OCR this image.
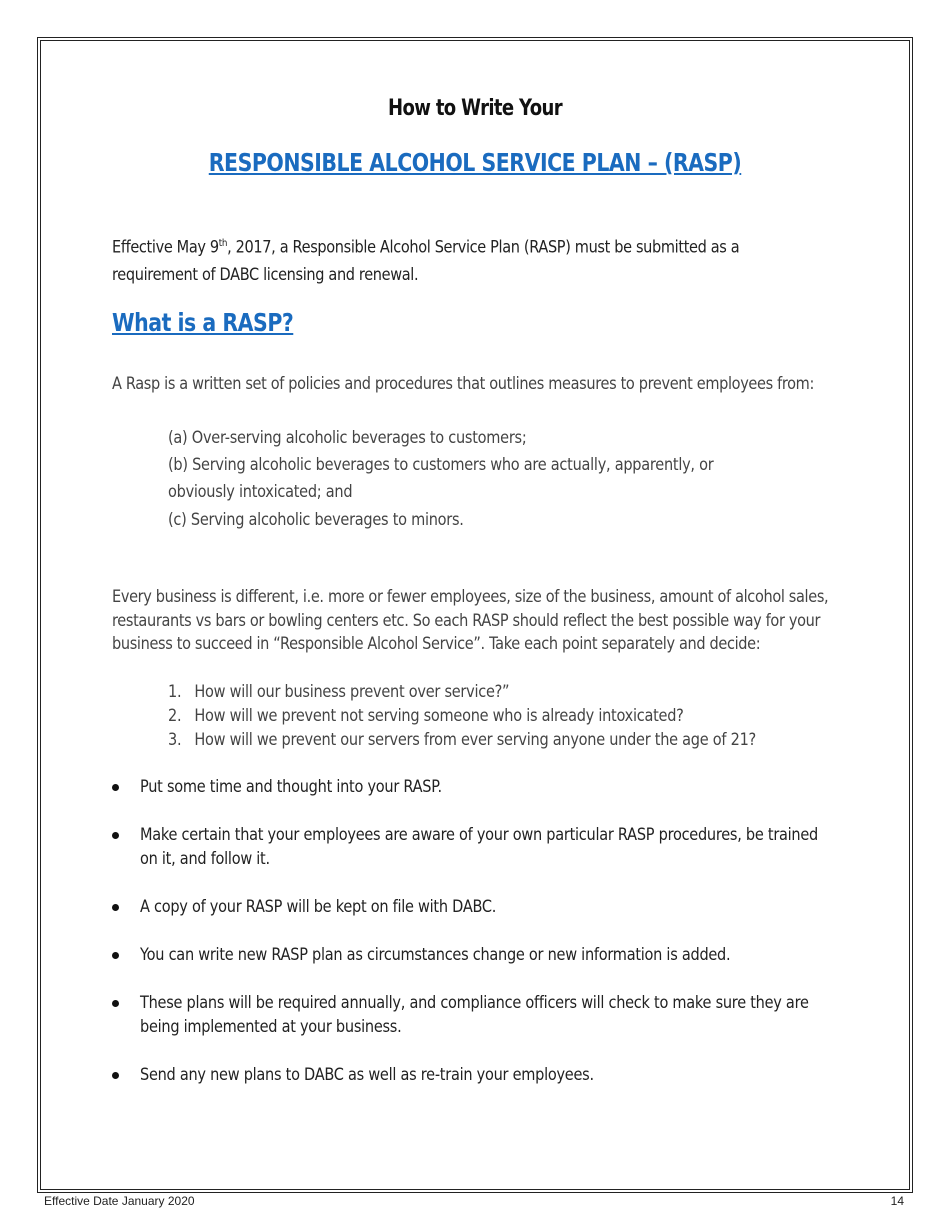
How to Write Your
RESPONSIBLE ALCOHOL SERVICE PLAN – (RASP)
Effective May 9th, 2017, a Responsible Alcohol Service Plan (RASP) must be submitted as a
requirement of DABC licensing and renewal.
What is a RASP?
A Rasp is a written set of policies and procedures that outlines measures to prevent employees from:
(a) Over-serving alcoholic beverages to customers;
(b) Serving alcoholic beverages to customers who are actually, apparently, or obviously intoxicated; and
(c) Serving alcoholic beverages to minors.
Every business is different, i.e. more or fewer employees, size of the business, amount of alcohol sales, restaurants vs bars or bowling centers etc. So each RASP should reflect the best possible way for your business to succeed in “Responsible Alcohol Service”. Take each point separately and decide:
1. How will our business prevent over service?”
2. How will we prevent not serving someone who is already intoxicated?
3. How will we prevent our servers from ever serving anyone under the age of 21?
Put some time and thought into your RASP.
Make certain that your employees are aware of your own particular RASP procedures, be trained on it, and follow it.
A copy of your RASP will be kept on file with DABC.
You can write new RASP plan as circumstances change or new information is added.
These plans will be required annually, and compliance officers will check to make sure they are being implemented at your business.
Send any new plans to DABC as well as re-train your employees.
Effective Date January 2020	14
